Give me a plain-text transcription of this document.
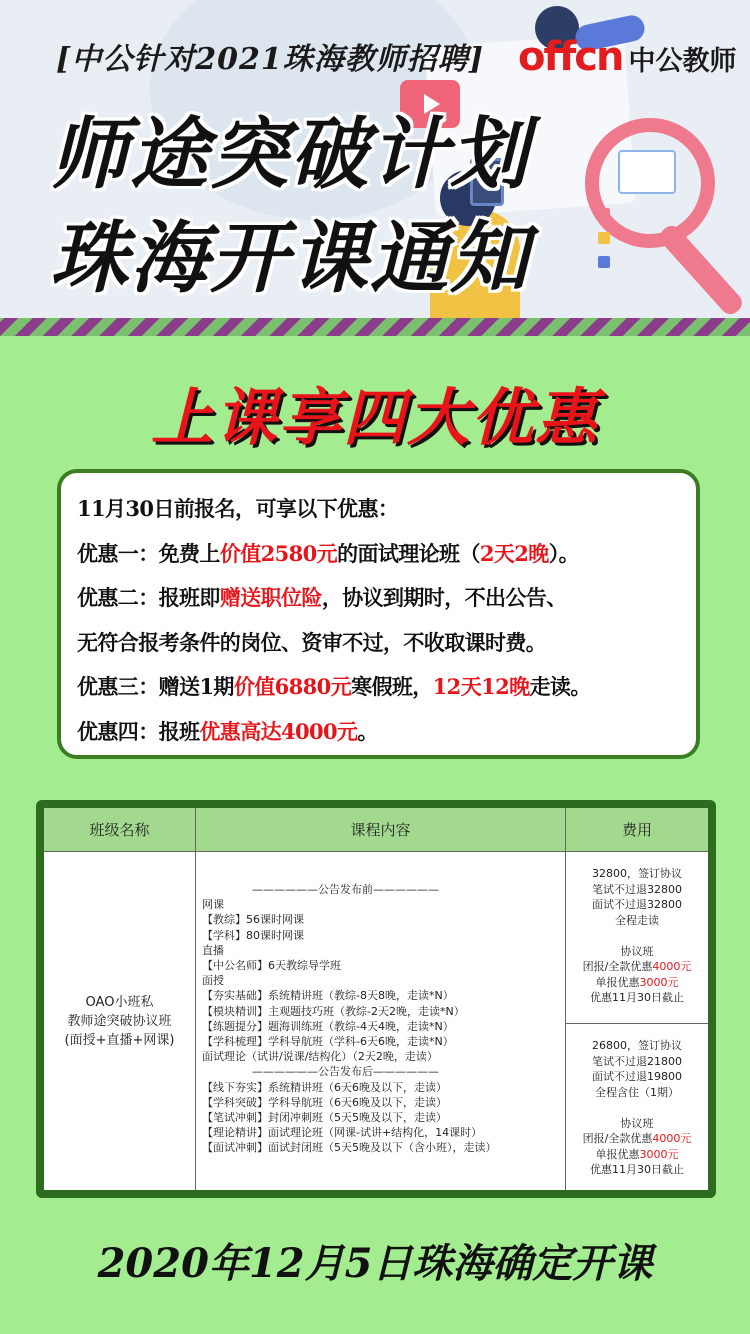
[中公针对2021珠海教师招聘] offcn 中公教师
师途突破计划
珠海开课通知
上课享四大优惠

11月30日前报名，可享以下优惠：

优惠一：免费上价值2580元的面试理论班（2天2晚）。

优惠二：报班即赠送职位险，协议到期时，不出公告、

无符合报考条件的岗位、资审不过，不收取课时费。

优惠三：赠送1期价值6880元寒假班，12天12晚走读。

优惠四：报班优惠高达4000元。

班级名称	课程内容	费用
OAO小班私
教师途突破协议班
(面授+直播+网课)
——————公告发布前——————
网课
【教综】56课时网课
【学科】80课时网课
直播
【中公名师】6天教综导学班
面授
【夯实基础】系统精讲班（教综-8天8晚，走读*N）
【模块精训】主观题技巧班（教综-2天2晚，走读*N）
【练题提分】题海训练班（教综-4天4晚，走读*N）
【学科梳理】学科导航班（学科-6天6晚，走读*N）
面试理论（试讲/说课/结构化）（2天2晚，走读）
——————公告发布后——————
【线下夯实】系统精讲班（6天6晚及以下，走读）
【学科突破】学科导航班（6天6晚及以下，走读）
【笔试冲刺】封闭冲刺班（5天5晚及以下，走读）
【理论精讲】面试理论班（网课-试讲+结构化，14课时）
【面试冲刺】面试封闭班（5天5晚及以下（含小班），走读）
32800，签订协议
笔试不过退32800
面试不过退32800
全程走读
协议班
团报/全款优惠4000元
单报优惠3000元
优惠11月30日截止
26800，签订协议
笔试不过退21800
面试不过退19800
全程含住（1期）
协议班
团报/全款优惠4000元
单报优惠3000元
优惠11月30日截止
2020年12月5日珠海确定开课
